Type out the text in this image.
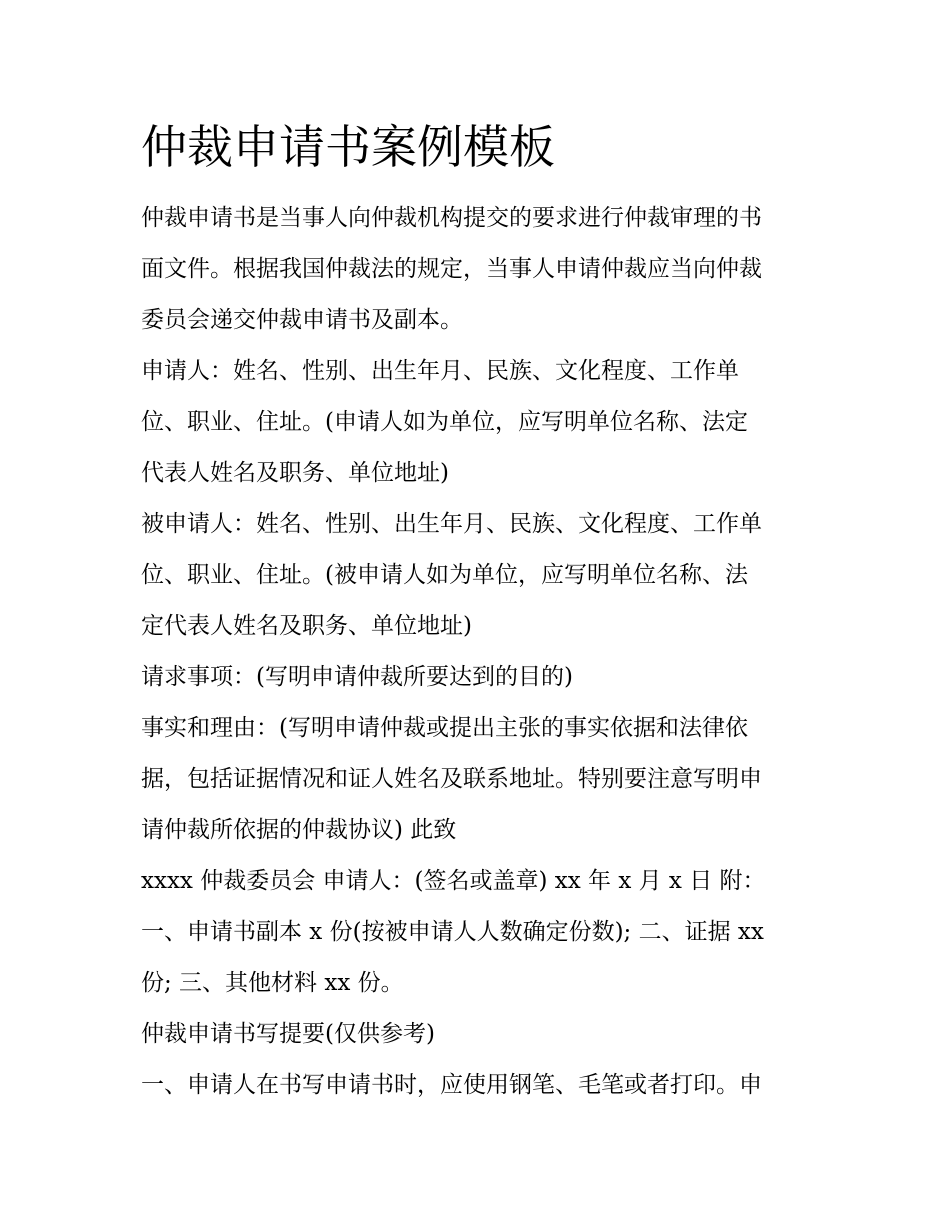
仲裁申请书案例模板

仲裁申请书是当事人向仲裁机构提交的要求进行仲裁审理的书

面文件。根据我国仲裁法的规定，当事人申请仲裁应当向仲裁

委员会递交仲裁申请书及副本。

申请人：姓名、性别、出生年月、民族、文化程度、工作单

位、职业、住址。(申请人如为单位，应写明单位名称、法定

代表人姓名及职务、单位地址)

被申请人：姓名、性别、出生年月、民族、文化程度、工作单

位、职业、住址。(被申请人如为单位，应写明单位名称、法

定代表人姓名及职务、单位地址)

请求事项：(写明申请仲裁所要达到的目的)

事实和理由：(写明申请仲裁或提出主张的事实依据和法律依

据，包括证据情况和证人姓名及联系地址。特别要注意写明申

请仲裁所依据的仲裁协议) 此致

xxxx 仲裁委员会 申请人：(签名或盖章) xx 年 x 月 x 日 附：

一、申请书副本 x 份(按被申请人人数确定份数); 二、证据 xx

份; 三、其他材料 xx 份。

仲裁申请书写提要(仅供参考)

一、申请人在书写申请书时，应使用钢笔、毛笔或者打印。申
